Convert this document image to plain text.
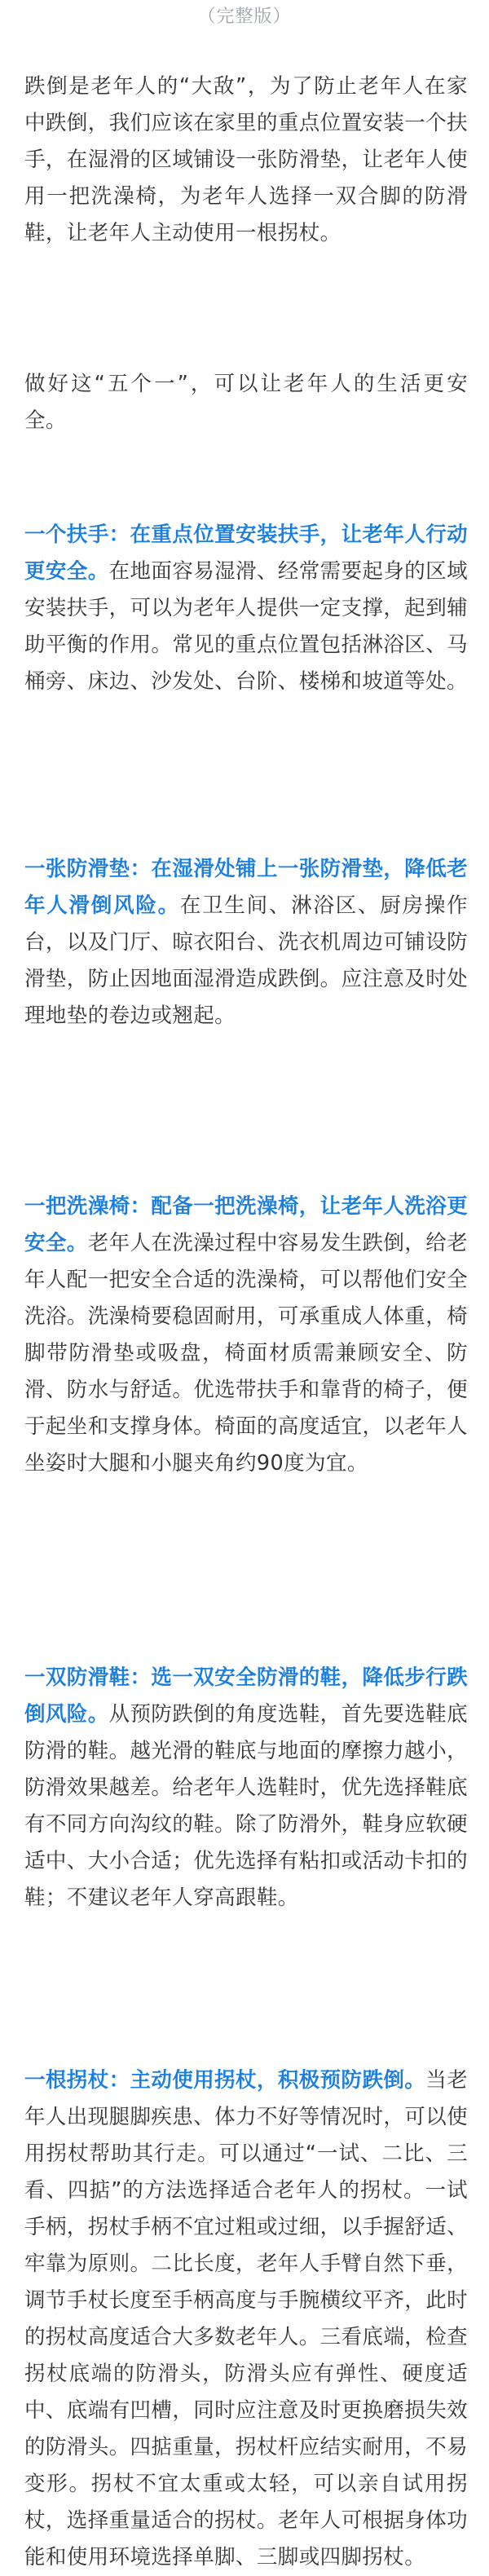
（完整版）

跌倒是老年人的“大敌”，为了防止老年人在家中跌倒，我们应该在家里的重点位置安装一个扶手，在湿滑的区域铺设一张防滑垫，让老年人使用一把洗澡椅，为老年人选择一双合脚的防滑鞋，让老年人主动使用一根拐杖。

做好这“五个一”，可以让老年人的生活更安全。

一个扶手：在重点位置安装扶手，让老年人行动更安全。在地面容易湿滑、经常需要起身的区域安装扶手，可以为老年人提供一定支撑，起到辅助平衡的作用。常见的重点位置包括淋浴区、马桶旁、床边、沙发处、台阶、楼梯和坡道等处。

一张防滑垫：在湿滑处铺上一张防滑垫，降低老年人滑倒风险。在卫生间、淋浴区、厨房操作台，以及门厅、晾衣阳台、洗衣机周边可铺设防滑垫，防止因地面湿滑造成跌倒。应注意及时处理地垫的卷边或翘起。

一把洗澡椅：配备一把洗澡椅，让老年人洗浴更安全。老年人在洗澡过程中容易发生跌倒，给老年人配一把安全合适的洗澡椅，可以帮他们安全洗浴。洗澡椅要稳固耐用，可承重成人体重，椅脚带防滑垫或吸盘，椅面材质需兼顾安全、防滑、防水与舒适。优选带扶手和靠背的椅子，便于起坐和支撑身体。椅面的高度适宜，以老年人坐姿时大腿和小腿夹角约90度为宜。

一双防滑鞋：选一双安全防滑的鞋，降低步行跌倒风险。从预防跌倒的角度选鞋，首先要选鞋底防滑的鞋。越光滑的鞋底与地面的摩擦力越小，防滑效果越差。给老年人选鞋时，优先选择鞋底有不同方向沟纹的鞋。除了防滑外，鞋身应软硬适中、大小合适；优先选择有粘扣或活动卡扣的鞋；不建议老年人穿高跟鞋。

一根拐杖：主动使用拐杖，积极预防跌倒。当老年人出现腿脚疾患、体力不好等情况时，可以使用拐杖帮助其行走。可以通过“一试、二比、三看、四掂”的方法选择适合老年人的拐杖。一试手柄，拐杖手柄不宜过粗或过细，以手握舒适、牢靠为原则。二比长度，老年人手臂自然下垂，调节手杖长度至手柄高度与手腕横纹平齐，此时的拐杖高度适合大多数老年人。三看底端，检查拐杖底端的防滑头，防滑头应有弹性、硬度适中、底端有凹槽，同时应注意及时更换磨损失效的防滑头。四掂重量，拐杖杆应结实耐用，不易变形。拐杖不宜太重或太轻，可以亲自试用拐杖，选择重量适合的拐杖。老年人可根据身体功能和使用环境选择单脚、三脚或四脚拐杖。
